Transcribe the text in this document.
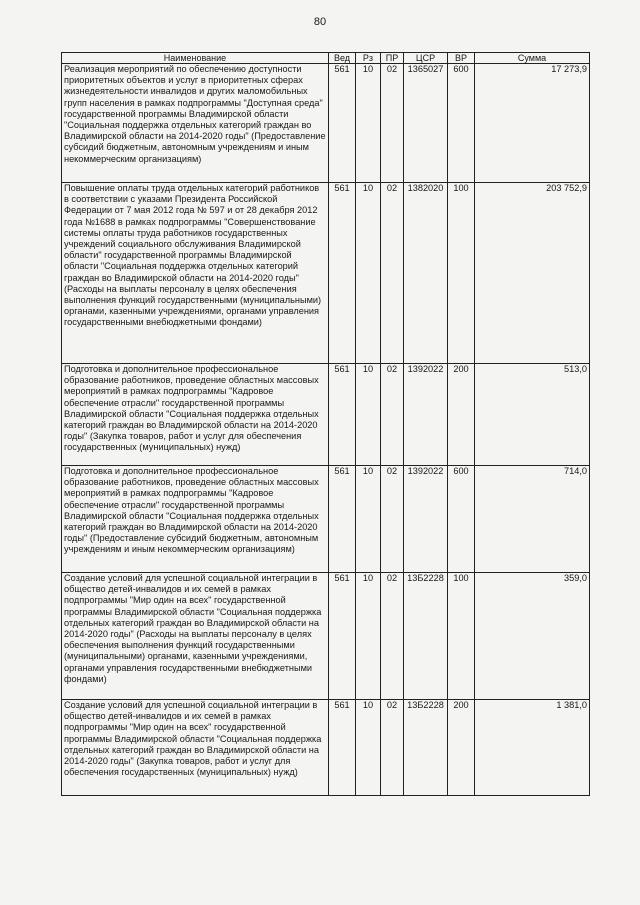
80
Наименование	Вед	Рз	ПР	ЦСР	ВР	Сумма
Реализация мероприятий по обеспечению доступности приоритетных объектов и услуг в приоритетных сферах жизнедеятельности инвалидов и других маломобильных групп населения в рамках подпрограммы "Доступная среда" государственной программы Владимирской области "Социальная поддержка отдельных категорий граждан во Владимирской области на 2014-2020 годы" (Предоставление субсидий бюджетным, автономным учреждениям и иным некоммерческим организациям)	561	10	02	1365027	600	17 273,9
Повышение оплаты труда отдельных категорий работников в соответствии с указами Президента Российской Федерации от 7 мая 2012 года № 597 и от 28 декабря 2012 года №1688 в рамках подпрограммы "Совершенствование системы оплаты труда работников государственных учреждений социального обслуживания Владимирской области" государственной программы Владимирской области "Социальная поддержка отдельных категорий граждан во Владимирской области на 2014-2020 годы" (Расходы на выплаты персоналу в целях обеспечения выполнения функций государственными (муниципальными) органами, казенными учреждениями, органами управления государственными внебюджетными фондами)	561	10	02	1382020	100	203 752,9
Подготовка и дополнительное профессиональное образование работников, проведение областных массовых мероприятий в рамках подпрограммы "Кадровое обеспечение отрасли" государственной программы Владимирской области "Социальная поддержка отдельных категорий граждан во Владимирской области на 2014-2020 годы" (Закупка товаров, работ и услуг для обеспечения государственных (муниципальных) нужд)	561	10	02	1392022	200	513,0
Подготовка и дополнительное профессиональное образование работников, проведение областных массовых мероприятий в рамках подпрограммы "Кадровое обеспечение отрасли" государственной программы Владимирской области "Социальная поддержка отдельных категорий граждан во Владимирской области на 2014-2020 годы" (Предоставление субсидий бюджетным, автономным учреждениям и иным некоммерческим организациям)	561	10	02	1392022	600	714,0
Создание условий для успешной социальной интеграции в общество детей-инвалидов и их семей в рамках подпрограммы "Мир один на всех" государственной программы Владимирской области "Социальная поддержка отдельных категорий граждан во Владимирской области на 2014-2020 годы" (Расходы на выплаты персоналу в целях обеспечения выполнения функций государственными (муниципальными) органами, казенными учреждениями, органами управления государственными внебюджетными фондами)	561	10	02	13Б2228	100	359,0
Создание условий для успешной социальной интеграции в общество детей-инвалидов и их семей в рамках подпрограммы "Мир один на всех" государственной программы Владимирской области "Социальная поддержка отдельных категорий граждан во Владимирской области на 2014-2020 годы" (Закупка товаров, работ и услуг для обеспечения государственных (муниципальных) нужд)	561	10	02	13Б2228	200	1 381,0
